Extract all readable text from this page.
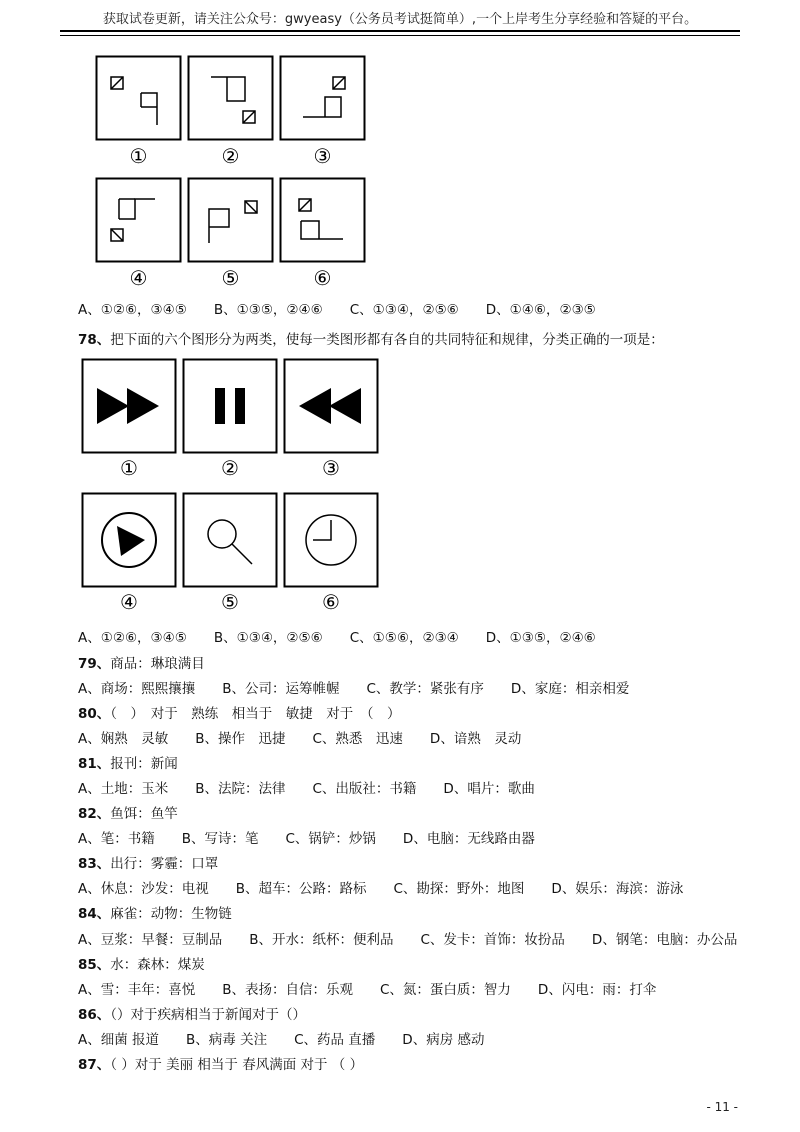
获取试卷更新，请关注公众号：gwyeasy（公务员考试挺简单）,一个上岸考生分享经验和答疑的平台。
①	②	③
④	⑤	⑥
A、①②⑥，③④⑤　　B、①③⑤，②④⑥　　C、①③④，②⑤⑥　　D、①④⑥，②③⑤
78、把下面的六个图形分为两类，使每一类图形都有各自的共同特征和规律，分类正确的一项是：
①	②	③
④	⑤	⑥
A、①②⑥，③④⑤　　B、①③④，②⑤⑥　　C、①⑤⑥，②③④　　D、①③⑤，②④⑥
79、商品：琳琅满目
A、商场：熙熙攘攘　　B、公司：运筹帷幄　　C、教学：紧张有序　　D、家庭：相亲相爱
80、（　）　对于　熟练　相当于　敏捷　对于　（　）
A、娴熟　灵敏　　B、操作　迅捷　　C、熟悉　迅速　　D、谙熟　灵动
81、报刊：新闻
A、土地：玉米　　B、法院：法律　　C、出版社：书籍　　D、唱片：歌曲
82、鱼饵：鱼竿
A、笔：书籍　　B、写诗：笔　　C、锅铲：炒锅　　D、电脑：无线路由器
83、出行：雾霾：口罩
A、休息：沙发：电视　　B、超车：公路：路标　　C、勘探：野外：地图　　D、娱乐：海滨：游泳
84、麻雀：动物：生物链
A、豆浆：早餐：豆制品　　B、开水：纸杯：便利品　　C、发卡：首饰：妆扮品　　D、钢笔：电脑：办公品
85、水：森林：煤炭
A、雪：丰年：喜悦　　B、表扬：自信：乐观　　C、氮：蛋白质：智力　　D、闪电：雨：打伞
86、（）对于疾病相当于新闻对于（）
A、细菌 报道　　B、病毒 关注　　C、药品 直播　　D、病房 感动
87、（ ）对于 美丽 相当于 春风满面 对于 （ ）
- 11 -
